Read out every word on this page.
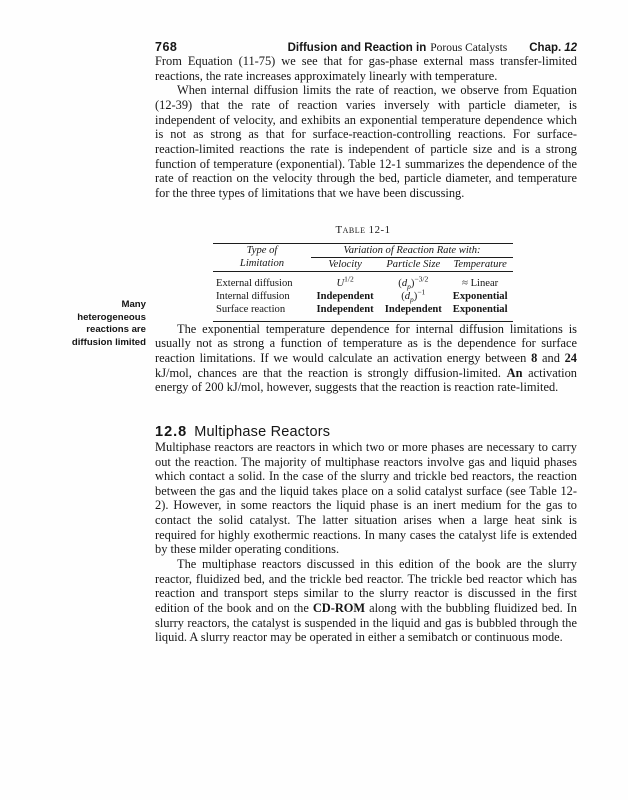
Many
heterogeneous
reactions are
diffusion limited
768	Diffusion and Reaction in Porous Catalysts Chap. 12

From Equation (11-75) we see that for gas-phase external mass transfer-limited reactions, the rate increases approximately linearly with temperature.

When internal diffusion limits the rate of reaction, we observe from Equation (12-39) that the rate of reaction varies inversely with particle diameter, is independent of velocity, and exhibits an exponential temperature dependence which is not as strong as that for surface-reaction-controlling reactions. For surface-reaction-limited reactions the rate is independent of particle size and is a strong function of temperature (exponential). Table 12-1 summarizes the dependence of the rate of reaction on the velocity through the bed, particle diameter, and temperature for the three types of limitations that we have been discussing.

Table 12-1
Type of
Limitation	Variation of Reaction Rate with:		
	Velocity	Particle Size	Temperature
External diffusion	$U^{1/2}$	$(d_p)^{-3/2}$	≈ Linear
Internal diffusion	Independent	$(d_p)^{-1}$	Exponential
Surface reaction	Independent	Independent	Exponential

The exponential temperature dependence for internal diffusion limitations is usually not as strong a function of temperature as is the dependence for surface reaction limitations. If we would calculate an activation energy between 8 and 24 kJ/mol, chances are that the reaction is strongly diffusion-limited. An activation energy of 200 kJ/mol, however, suggests that the reaction is reaction rate-limited.

12.8 Multiphase Reactors

Multiphase reactors are reactors in which two or more phases are necessary to carry out the reaction. The majority of multiphase reactors involve gas and liquid phases which contact a solid. In the case of the slurry and trickle bed reactors, the reaction between the gas and the liquid takes place on a solid catalyst surface (see Table 12-2). However, in some reactors the liquid phase is an inert medium for the gas to contact the solid catalyst. The latter situation arises when a large heat sink is required for highly exothermic reactions. In many cases the catalyst life is extended by these milder operating conditions.

The multiphase reactors discussed in this edition of the book are the slurry reactor, fluidized bed, and the trickle bed reactor. The trickle bed reactor which has reaction and transport steps similar to the slurry reactor is discussed in the first edition of the book and on the CD-ROM along with the bubbling fluidized bed. In slurry reactors, the catalyst is suspended in the liquid and gas is bubbled through the liquid. A slurry reactor may be operated in either a semibatch or continuous mode.
